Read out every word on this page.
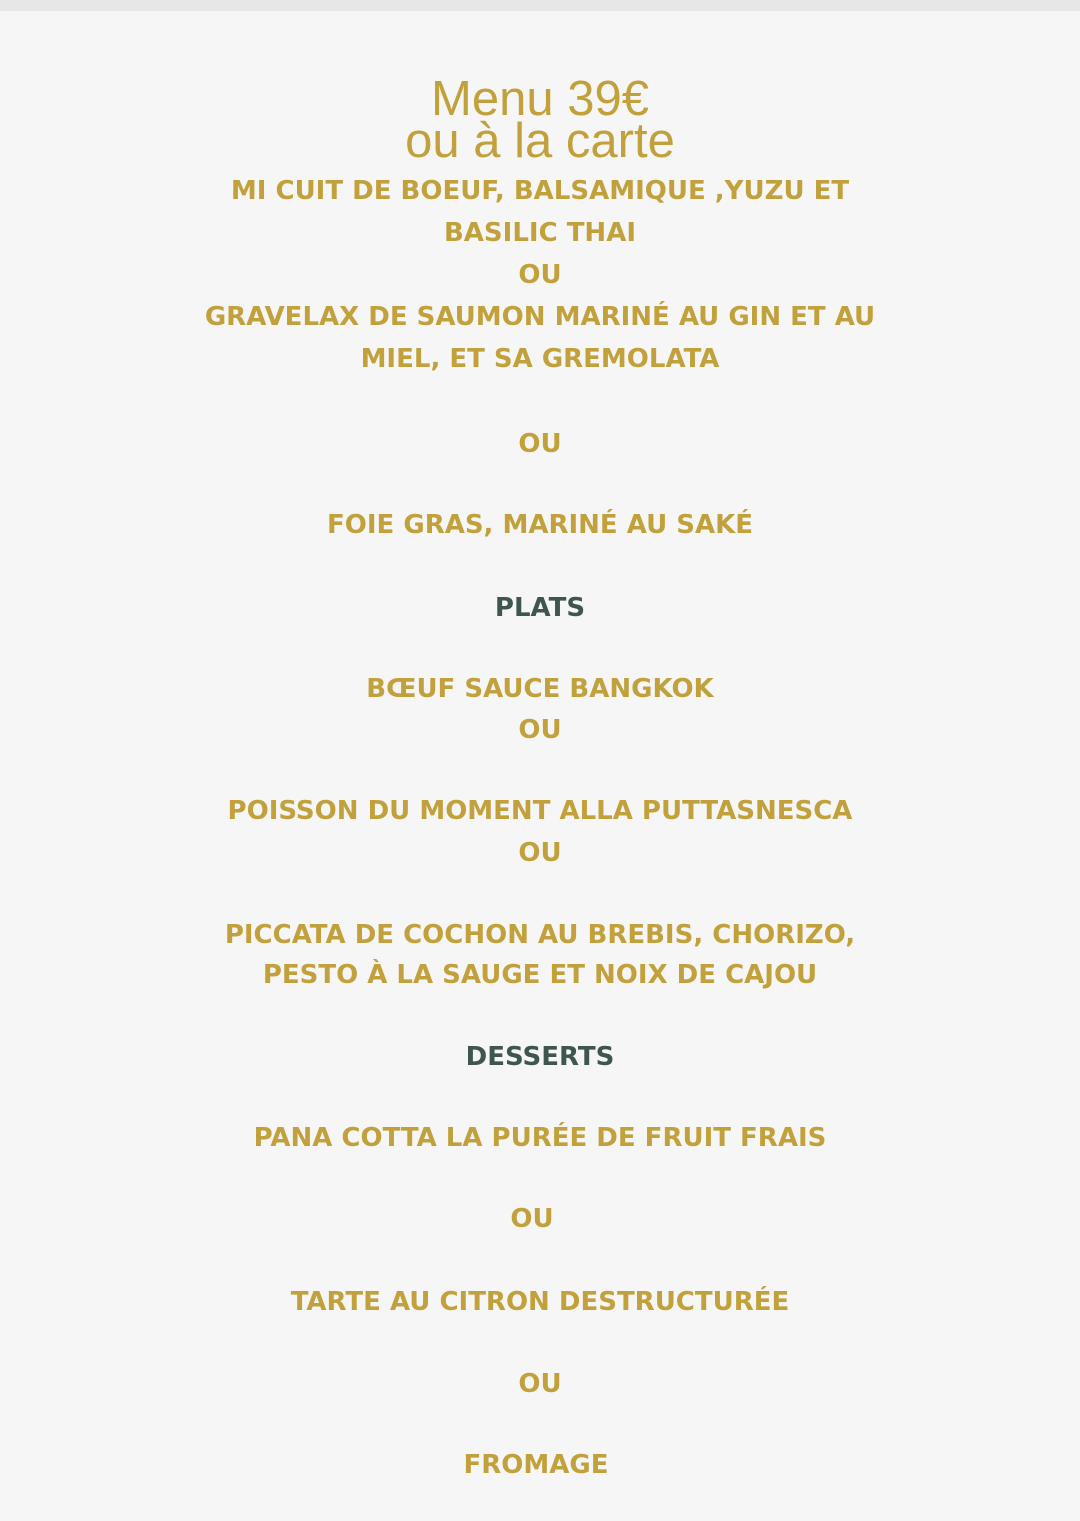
Menu 39€
ou à la carte
MI CUIT DE BOEUF, BALSAMIQUE ,YUZU ET
BASILIC THAI
OU
GRAVELAX DE SAUMON MARINÉ AU GIN ET AU
MIEL, ET SA GREMOLATA
OU
FOIE GRAS, MARINÉ AU SAKÉ
PLATS
BŒUF SAUCE BANGKOK
OU
POISSON DU MOMENT ALLA PUTTASNESCA
OU
PICCATA DE COCHON AU BREBIS, CHORIZO,
PESTO À LA SAUGE ET NOIX DE CAJOU
DESSERTS
PANA COTTA LA PURÉE DE FRUIT FRAIS
OU
TARTE AU CITRON DESTRUCTURÉE
OU
FROMAGE
